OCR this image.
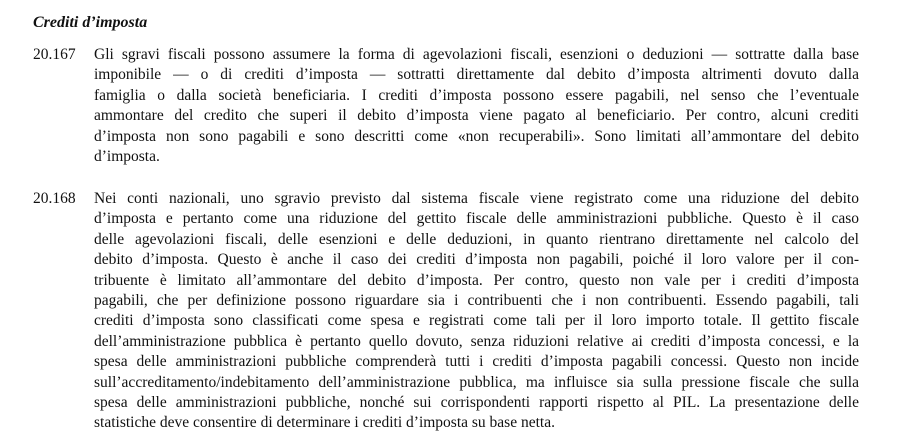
Crediti d’imposta
20.167 Gli sgravi fiscali possono assumere la forma di agevolazioni fiscali, esenzioni o deduzioni — sottratte dalla base
imponibile — o di crediti d’imposta — sottratti direttamente dal debito d’imposta altrimenti dovuto dalla
famiglia o dalla società beneficiaria. I crediti d’imposta possono essere pagabili, nel senso che l’eventuale
ammontare del credito che superi il debito d’imposta viene pagato al beneficiario. Per contro, alcuni crediti
d’imposta non sono pagabili e sono descritti come «non recuperabili». Sono limitati all’ammontare del debito
d’imposta.
20.168 Nei conti nazionali, uno sgravio previsto dal sistema fiscale viene registrato come una riduzione del debito
d’imposta e pertanto come una riduzione del gettito fiscale delle amministrazioni pubbliche. Questo è il caso
delle agevolazioni fiscali, delle esenzioni e delle deduzioni, in quanto rientrano direttamente nel calcolo del
debito d’imposta. Questo è anche il caso dei crediti d’imposta non pagabili, poiché il loro valore per il con-
tribuente è limitato all’ammontare del debito d’imposta. Per contro, questo non vale per i crediti d’imposta
pagabili, che per definizione possono riguardare sia i contribuenti che i non contribuenti. Essendo pagabili, tali
crediti d’imposta sono classificati come spesa e registrati come tali per il loro importo totale. Il gettito fiscale
dell’amministrazione pubblica è pertanto quello dovuto, senza riduzioni relative ai crediti d’imposta concessi, e la
spesa delle amministrazioni pubbliche comprenderà tutti i crediti d’imposta pagabili concessi. Questo non incide
sull’accreditamento/indebitamento dell’amministrazione pubblica, ma influisce sia sulla pressione fiscale che sulla
spesa delle amministrazioni pubbliche, nonché sui corrispondenti rapporti rispetto al PIL. La presentazione delle
statistiche deve consentire di determinare i crediti d’imposta su base netta.
